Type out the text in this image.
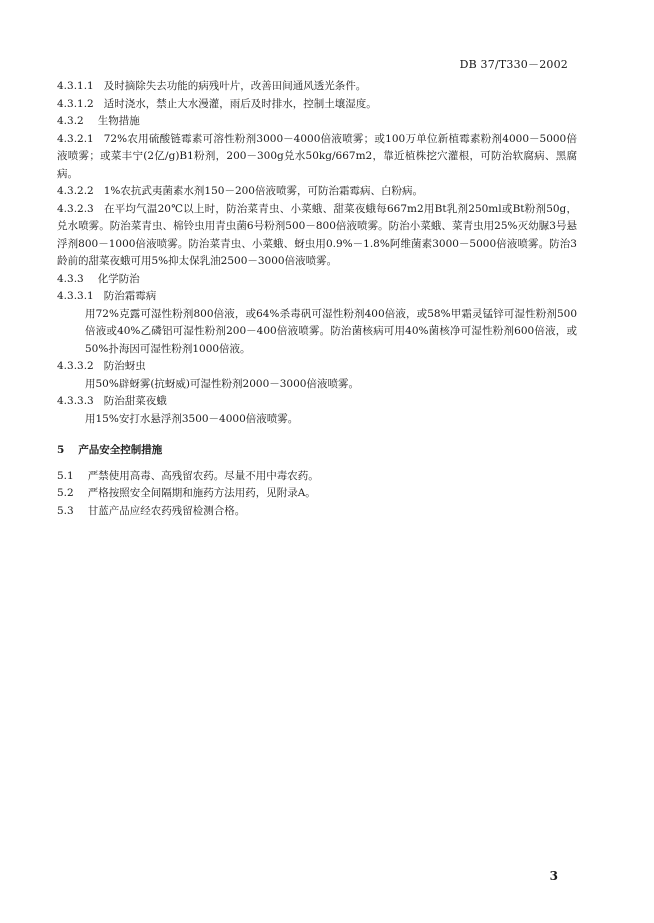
DB 37/T330－2002
4.3.1.1 及时摘除失去功能的病残叶片，改善田间通风透光条件。
4.3.1.2 适时浇水，禁止大水漫灌，雨后及时排水，控制土壤湿度。
4.3.2 生物措施
4.3.2.1 72%农用硫酸链霉素可溶性粉剂3000－4000倍液喷雾；或100万单位新植霉素粉剂4000－5000倍液喷雾；或菜丰宁(2亿/g)B1粉剂，200－300g兑水50kg/667m2，靠近植株挖穴灌根，可防治软腐病、黑腐病。
4.3.2.2 1%农抗武夷菌素水剂150－200倍液喷雾，可防治霜霉病、白粉病。
4.3.2.3 在平均气温20℃以上时，防治菜青虫、小菜蛾、甜菜夜蛾每667m2用Bt乳剂250ml或Bt粉剂50g，兑水喷雾。防治菜青虫、棉铃虫用青虫菌6号粉剂500－800倍液喷雾。防治小菜蛾、菜青虫用25%灭幼脲3号悬浮剂800－1000倍液喷雾。防治菜青虫、小菜蛾、蚜虫用0.9%－1.8%阿维菌素3000－5000倍液喷雾。防治3龄前的甜菜夜蛾可用5%抑太保乳油2500－3000倍液喷雾。
4.3.3 化学防治
4.3.3.1 防治霜霉病
用72%克露可湿性粉剂800倍液，或64%杀毒矾可湿性粉剂400倍液，或58%甲霜灵锰锌可湿性粉剂500倍液或40%乙磷铝可湿性粉剂200－400倍液喷雾。防治菌核病可用40%菌核净可湿性粉剂600倍液，或50%扑海因可湿性粉剂1000倍液。
4.3.3.2 防治蚜虫
用50%辟蚜雾(抗蚜威)可湿性粉剂2000－3000倍液喷雾。
4.3.3.3 防治甜菜夜蛾
用15%安打水悬浮剂3500－4000倍液喷雾。
5 产品安全控制措施
5.1 严禁使用高毒、高残留农药。尽量不用中毒农药。
5.2 严格按照安全间隔期和施药方法用药，见附录A。
5.3 甘蓝产品应经农药残留检测合格。
3
